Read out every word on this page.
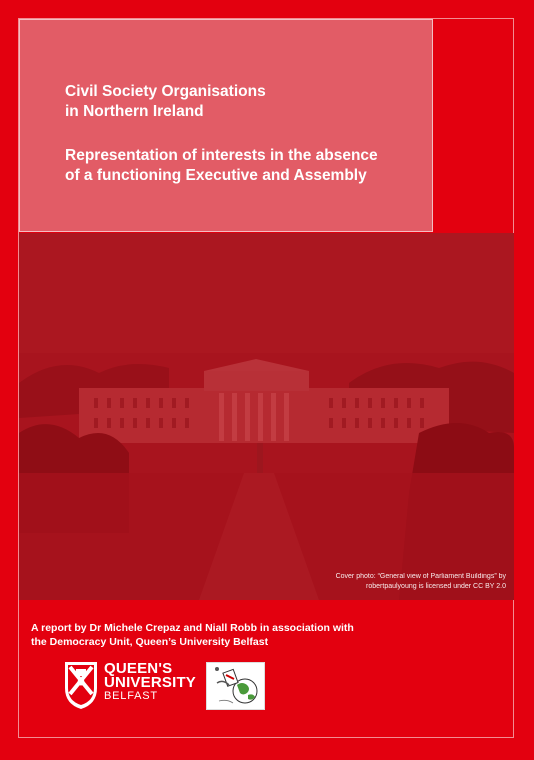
Civil Society Organisations

in Northern Ireland

Representation of interests in the absence

of a functioning Executive and Assembly

Cover photo: “General view of Parliament Buildings” by
robertpaulyoung is licensed under CC BY 2.0

A report by Dr Michele Crepaz and Niall Robb in association with

the Democracy Unit, Queen’s University Belfast

QUEEN'S
UNIVERSITY
BELFAST
